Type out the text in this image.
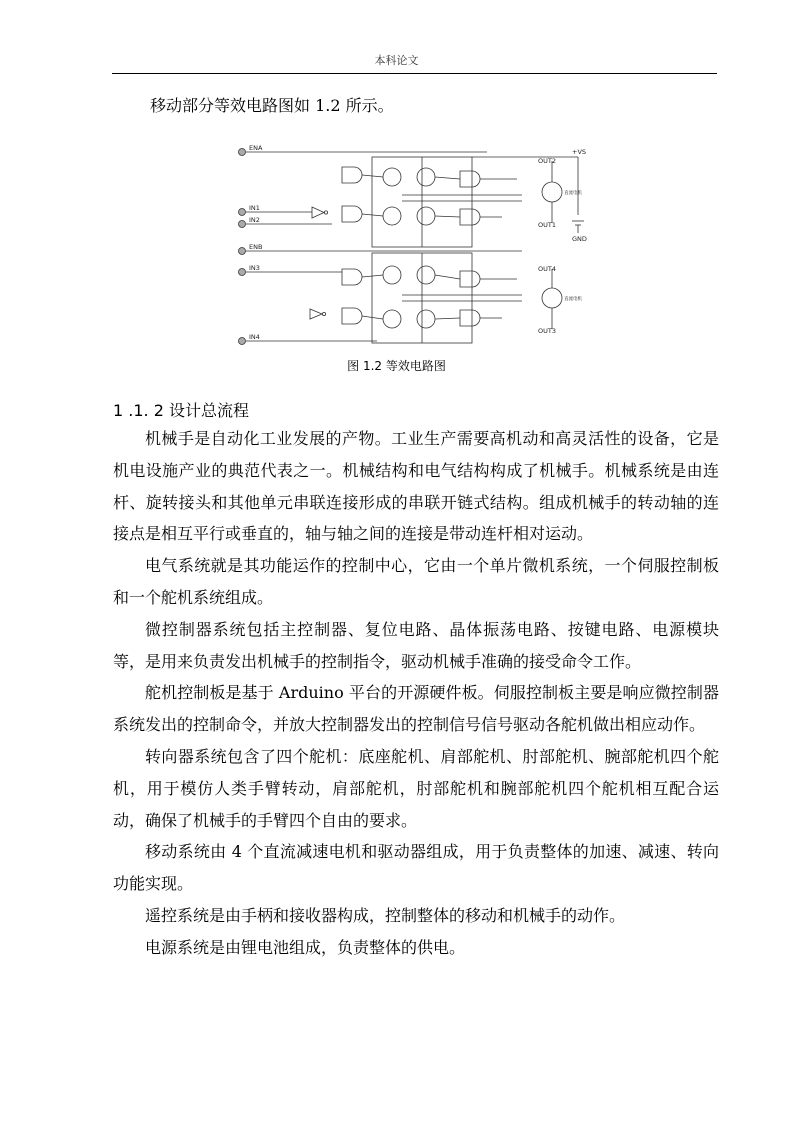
本科论文
移动部分等效电路图如 1.2 所示。
ENA
IN1
IN2
ENB
IN3
IN4
OUT2
OUT1
+VS
GND
OUT4
OUT3
直流电机
直流电机
图 1.2 等效电路图
1 .1. 2 设计总流程

机械手是自动化工业发展的产物。工业生产需要高机动和高灵活性的设备，它是机电设施产业的典范代表之一。机械结构和电气结构构成了机械手。机械系统是由连杆、旋转接头和其他单元串联连接形成的串联开链式结构。组成机械手的转动轴的连接点是相互平行或垂直的，轴与轴之间的连接是带动连杆相对运动。

电气系统就是其功能运作的控制中心，它由一个单片微机系统，一个伺服控制板和一个舵机系统组成。

微控制器系统包括主控制器、复位电路、晶体振荡电路、按键电路、电源模块等，是用来负责发出机械手的控制指令，驱动机械手准确的接受命令工作。

舵机控制板是基于 Arduino 平台的开源硬件板。伺服控制板主要是响应微控制器系统发出的控制命令，并放大控制器发出的控制信号信号驱动各舵机做出相应动作。

转向器系统包含了四个舵机：底座舵机、肩部舵机、肘部舵机、腕部舵机四个舵机，用于模仿人类手臂转动，肩部舵机，肘部舵机和腕部舵机四个舵机相互配合运动，确保了机械手的手臂四个自由的要求。

移动系统由 4 个直流减速电机和驱动器组成，用于负责整体的加速、减速、转向功能实现。

遥控系统是由手柄和接收器构成，控制整体的移动和机械手的动作。

电源系统是由锂电池组成，负责整体的供电。
